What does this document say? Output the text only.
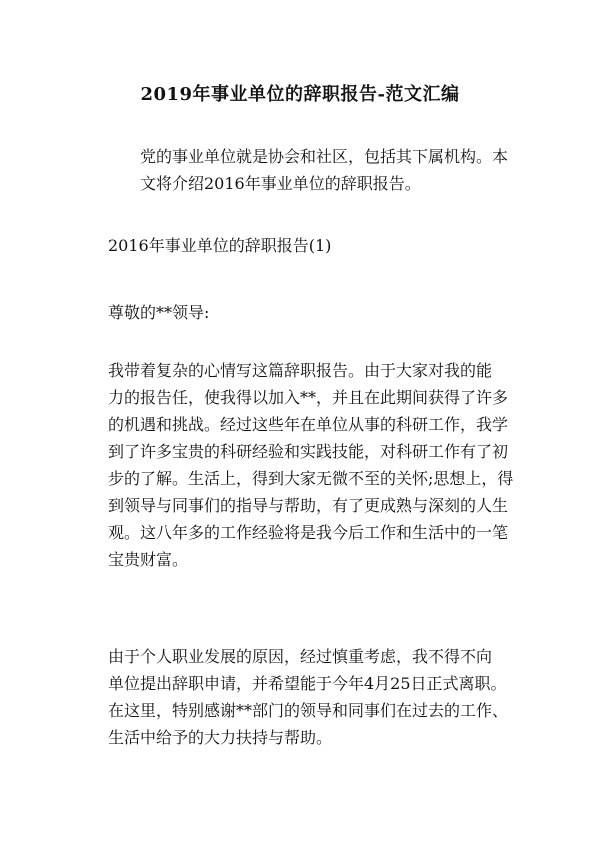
2019年事业单位的辞职报告-范文汇编

党的事业单位就是协会和社区，包括其下属机构。本
文将介绍2016年事业单位的辞职报告。

2016年事业单位的辞职报告(1)

尊敬的**领导:

我带着复杂的心情写这篇辞职报告。由于大家对我的能
力的报告任，使我得以加入**，并且在此期间获得了许多
的机遇和挑战。经过这些年在单位从事的科研工作，我学
到了许多宝贵的科研经验和实践技能，对科研工作有了初
步的了解。生活上，得到大家无微不至的关怀;思想上，得
到领导与同事们的指导与帮助，有了更成熟与深刻的人生
观。这八年多的工作经验将是我今后工作和生活中的一笔
宝贵财富。

由于个人职业发展的原因，经过慎重考虑，我不得不向
单位提出辞职申请，并希望能于今年4月25日正式离职。
在这里，特别感谢**部门的领导和同事们在过去的工作、
生活中给予的大力扶持与帮助。
